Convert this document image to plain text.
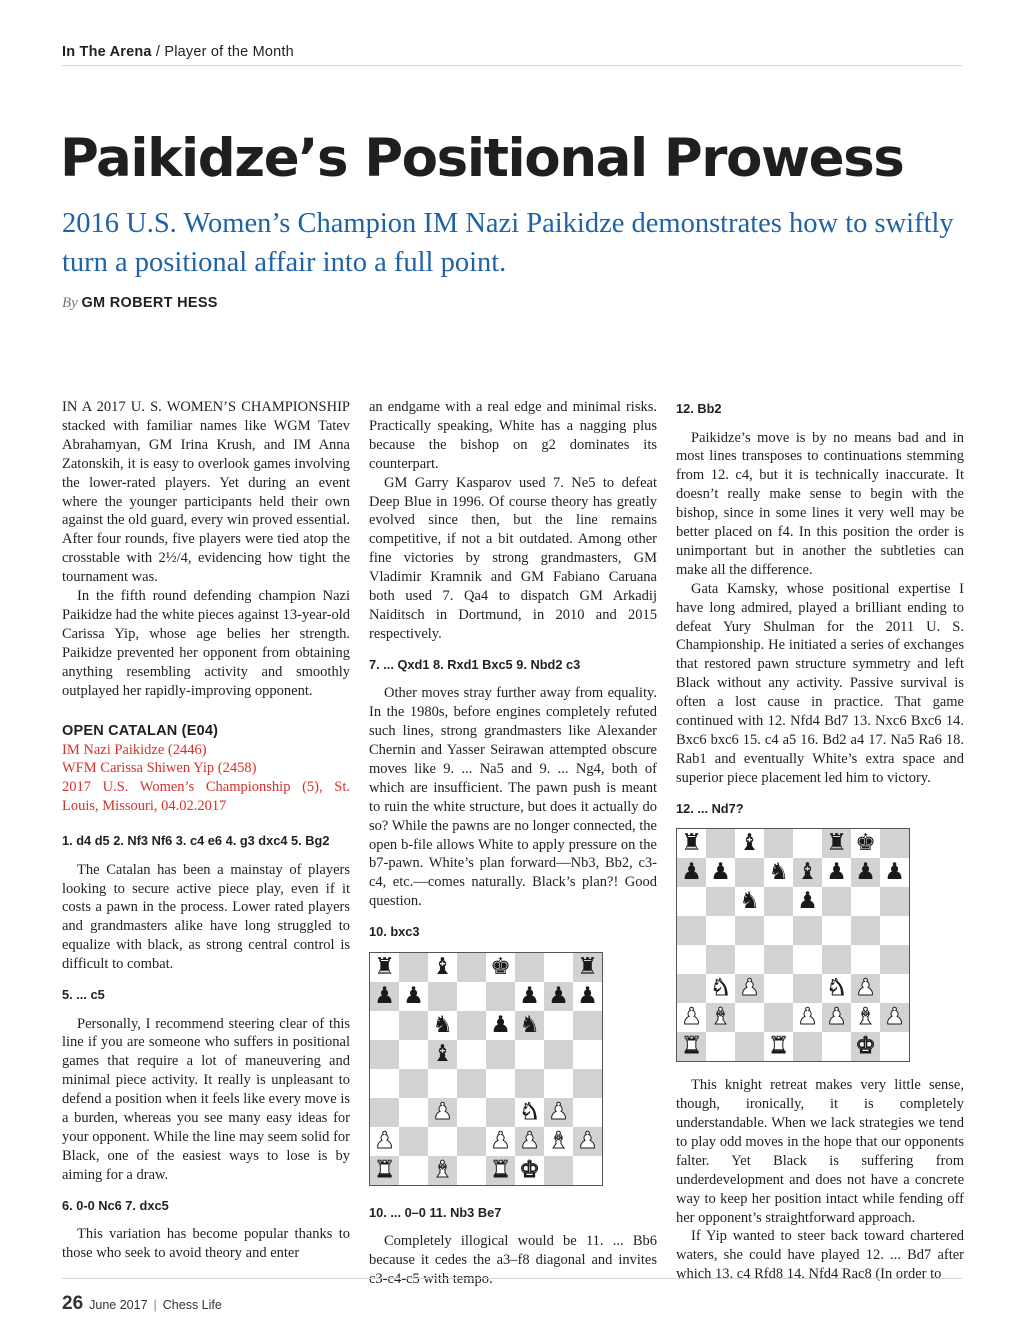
In The Arena / Player of the Month
Paikidze’s Positional Prowess

2016 U.S. Women’s Champion IM Nazi Paikidze demonstrates how to swiftly turn a positional affair into a full point.

By GM ROBERT HESS

IN A 2017 U. S. WOMEN’S CHAMPIONSHIP stacked with familiar names like WGM Tatev Abrahamyan, GM Irina Krush, and IM Anna Zatonskih, it is easy to overlook games involving the lower-rated players. Yet during an event where the younger participants held their own against the old guard, every win proved essential. After four rounds, five players were tied atop the crosstable with 2½/4, evidencing how tight the tournament was.

In the fifth round defending champion Nazi Paikidze had the white pieces against 13-year-old Carissa Yip, whose age belies her strength. Paikidze prevented her opponent from obtaining anything resembling activity and smoothly outplayed her rapidly-improving opponent.

OPEN CATALAN (E04)

IM Nazi Paikidze (2446)

WFM Carissa Shiwen Yip (2458)

2017 U.S. Women’s Championship (5), St. Louis, Missouri, 04.02.2017

1. d4 d5 2. Nf3 Nf6 3. c4 e6 4. g3 dxc4 5. Bg2

The Catalan has been a mainstay of players looking to secure active piece play, even if it costs a pawn in the process. Lower rated players and grandmasters alike have long struggled to equalize with black, as strong central control is difficult to combat.

5. ... c5

Personally, I recommend steering clear of this line if you are someone who suffers in positional games that require a lot of maneuvering and minimal piece activity. It really is unpleasant to defend a position when it feels like every move is a burden, whereas you see many easy ideas for your opponent. While the line may seem solid for Black, one of the easiest ways to lose is by aiming for a draw.

6. 0-0 Nc6 7. dxc5

This variation has become popular thanks to those who seek to avoid theory and enter

an endgame with a real edge and minimal risks. Practically speaking, White has a nagging plus because the bishop on g2 dominates its counterpart.

GM Garry Kasparov used 7. Ne5 to defeat Deep Blue in 1996. Of course theory has greatly evolved since then, but the line remains competitive, if not a bit outdated. Among other fine victories by strong grandmasters, GM Vladimir Kramnik and GM Fabiano Caruana both used 7. Qa4 to dispatch GM Arkadij Naiditsch in Dortmund, in 2010 and 2015 respectively.

7. ... Qxd1 8. Rxd1 Bxc5 9. Nbd2 c3

Other moves stray further away from equality. In the 1980s, before engines completely refuted such lines, strong grandmasters like Alexander Chernin and Yasser Seirawan attempted obscure moves like 9. ... Na5 and 9. ... Ng4, both of which are insufficient. The pawn push is meant to ruin the white structure, but does it actually do so? While the pawns are no longer connected, the open b-file allows White to apply pressure on the b7-pawn. White’s plan forward—Nb3, Bb2, c3-c4, etc.—comes naturally. Black’s plan?! Good question.

10. bxc3
♜ ♝ ♚	♜
♟ ♟	♟ ♟ ♟
♞ ♟ ♞
♝
♟	♞ ♟
♟	♟ ♟ ♝ ♟
♜ ♝ ♜ ♚
10. ... 0–0 11. Nb3 Be7

Completely illogical would be 11. ... Bb6 because it cedes the a3–f8 diagonal and invites c3-c4-c5 with tempo.

12. Bb2

Paikidze’s move is by no means bad and in most lines transposes to continuations stemming from 12. c4, but it is technically inaccurate. It doesn’t really make sense to begin with the bishop, since in some lines it very well may be better placed on f4. In this position the order is unimportant but in another the subtleties can make all the difference.

Gata Kamsky, whose positional expertise I have long admired, played a brilliant ending to defeat Yury Shulman for the 2011 U. S. Championship. He initiated a series of exchanges that restored pawn structure symmetry and left Black without any activity. Passive survival is often a lost cause in practice. That game continued with 12. Nfd4 Bd7 13. Nxc6 Bxc6 14. Bxc6 bxc6 15. c4 a5 16. Bd2 a4 17. Na5 Ra6 18. Rab1 and eventually White’s extra space and superior piece placement led him to victory.

12. ... Nd7?
♜ ♝	♜ ♚
♟ ♟ ♞ ♝ ♟ ♟ ♟
♞ ♟
♞ ♟	♞ ♟
♟ ♝	♟ ♟ ♝ ♟
♜	♜	♚

This knight retreat makes very little sense, though, ironically, it is completely understandable. When we lack strategies we tend to play odd moves in the hope that our opponents falter. Yet Black is suffering from underdevelopment and does not have a concrete way to keep her position intact while fending off her opponent’s straightforward approach.

If Yip wanted to steer back toward chartered waters, she could have played 12. ... Bd7 after which 13. c4 Rfd8 14. Nfd4 Rac8 (In order to

26 June 2017 | Chess Life
